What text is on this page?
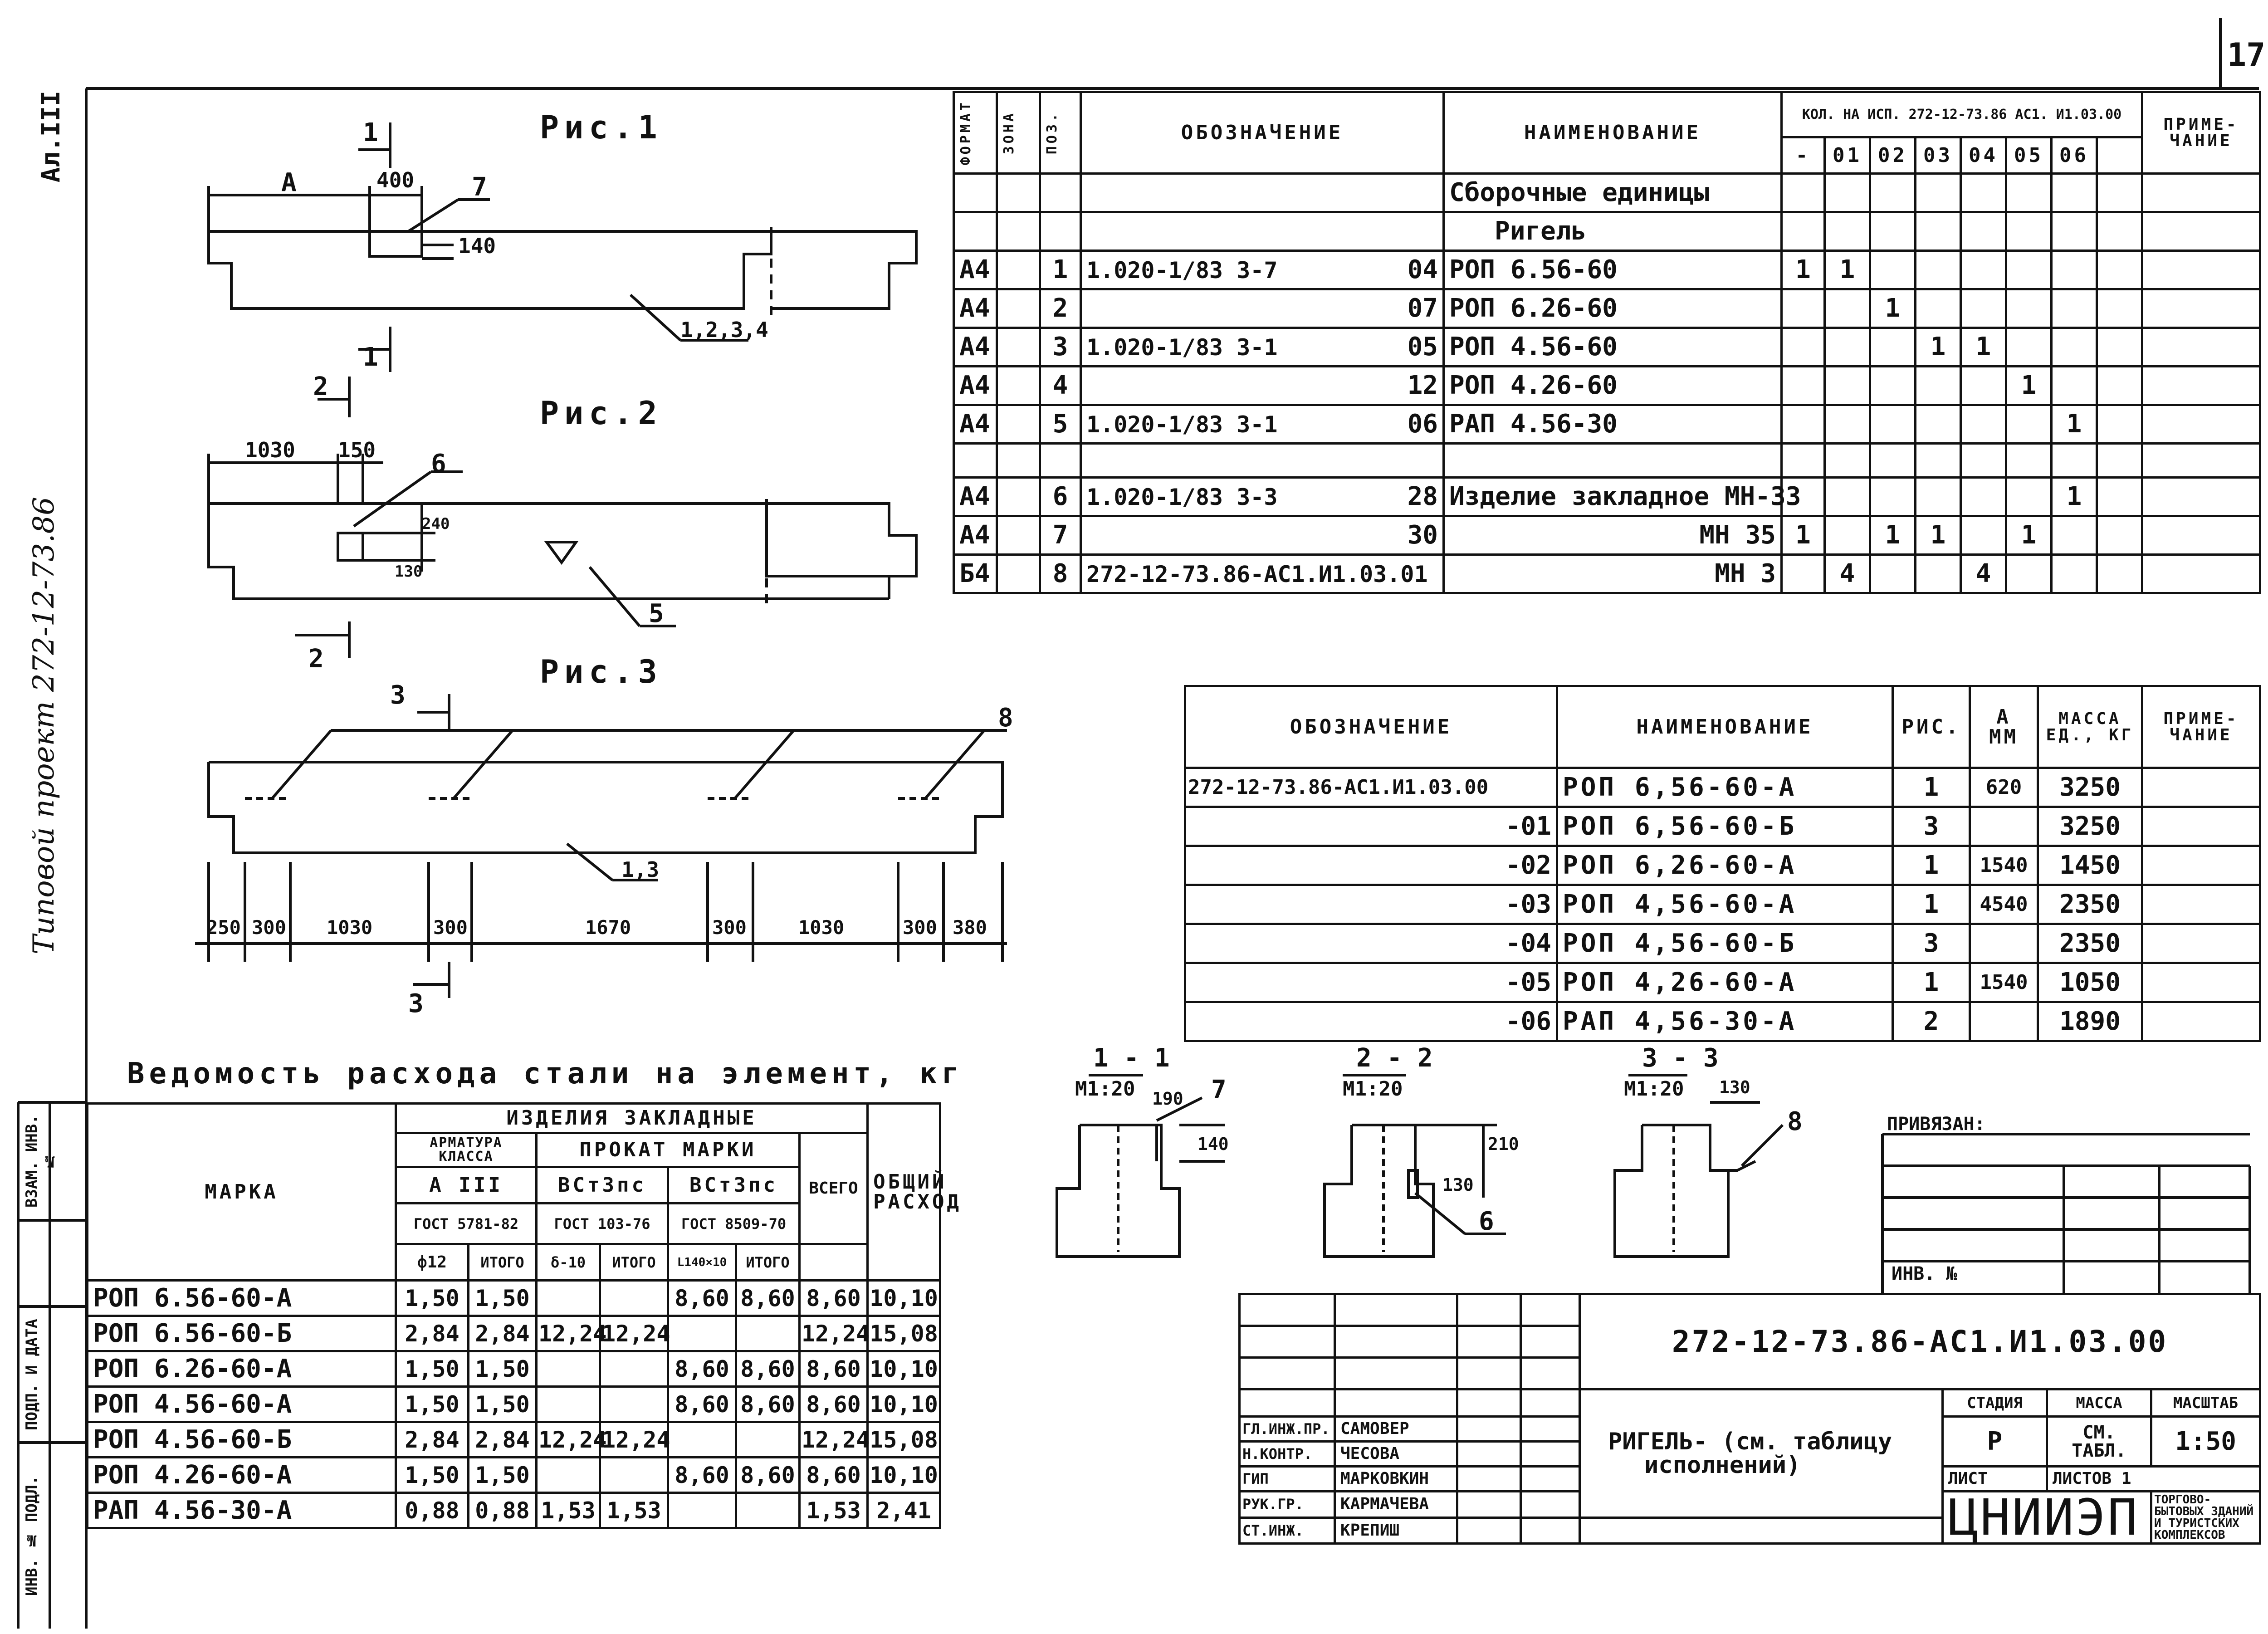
17
Ал.III
Типовой проект 272-12-73.86
Рис.1
А	400 7
140
1,2,3,4
1
1
Рис.2
1030 150 6
240
130
5
2
2	Рис.3
8
1,3
3
3
250 300 1030	300	1670	300	1030	300 380
1 - 1
М1:20 190 7
140
2 - 2
М1:20
210
130
6
3 - 3
М1:20 130
8	ПРИВЯЗАН:
ИНВ. №
ВЗАМ. ИНВ. №
ПОДП. И ДАТА
ИНВ. № ПОДЛ.
ФОРМАТ	ЗОНА	ПОЗ.	ОБОЗНАЧЕНИЕ	НАИМЕНОВАНИЕ	КОЛ. НА ИСП. 272-12-73.86 АС1. И1.03.00								ПРИМЕ-ЧАНИЕ
					-	01	02	03	04	05	06		
				Сборочные единицы									
				Ригель									
А4		1	1.020-1/83 3-7 04	РОП 6.56-60	1	1							
А4		2	07	РОП 6.26-60			1						
А4		3	1.020-1/83 3-1 05	РОП 4.56-60				1	1				
А4		4	12	РОП 4.26-60						1			
А4		5	1.020-1/83 3-1 06	РАП 4.56-30							1		

А4		6	1.020-1/83 3-3 28	Изделие закладное МН-33							1		
А4		7	30	МН 35	1		1	1		1			
Б4		8	272-12-73.86-АС1.И1.03.01	МН 3		4			4				
ОБОЗНАЧЕНИЕ	НАИМЕНОВАНИЕ	РИС.	А ММ	МАССА ЕД., КГ	ПРИМЕ-ЧАНИЕ
272-12-73.86-АС1.И1.03.00	РОП 6,56-60-А	1	620	3250	
-01	РОП 6,56-60-Б	3		3250	
-02	РОП 6,26-60-А	1	1540	1450	
-03	РОП 4,56-60-А	1	4540	2350	
-04	РОП 4,56-60-Б	3		2350	
-05	РОП 4,26-60-А	1	1540	1050	
-06	РАП 4,56-30-А	2		1890	
Ведомость расхода стали на элемент, кг
МАРКА	ИЗДЕЛИЯ ЗАКЛАДНЫЕ							ОБЩИЙ РАСХОД
	АРМАТУРА КЛАССА		ПРОКАТ МАРКИ				ВСЕГО	
	А III		ВСт3пс		ВСт3пс			
	ГОСТ 5781-82		ГОСТ 103-76		ГОСТ 8509-70			
	ф12	ИТОГО	δ-10	ИТОГО	L140×10	ИТОГО		
РОП 6.56-60-А	1,50	1,50			8,60	8,60	8,60	10,10
РОП 6.56-60-Б	2,84	2,84	12,24	12,24			12,24	15,08
РОП 6.26-60-А	1,50	1,50			8,60	8,60	8,60	10,10
РОП 4.56-60-А	1,50	1,50			8,60	8,60	8,60	10,10
РОП 4.56-60-Б	2,84	2,84	12,24	12,24			12,24	15,08
РОП 4.26-60-А	1,50	1,50			8,60	8,60	8,60	10,10
РАП 4.56-30-А	0,88	0,88	1,53	1,53			1,53	2,41
				272-12-73.86-АС1.И1.03.00			

				РИГЕЛЬ- (см. таблицу
исполнений)	СТАДИЯ	МАССА	МАСШТАБ
ГЛ.ИНЖ.ПР.	САМОВЕР				Р	СМ. ТАБЛ.	1:50
Н.КОНТР.	ЧЕСОВА						
ГИП	МАРКОВКИН				ЛИСТ	ЛИСТОВ 1	
РУК.ГР.	КАРМАЧЕВА				ЦНИИЭП		ТОРГОВО-БЫТОВЫХ ЗДАНИЙ И ТУРИСТСКИХ КОМПЛЕКСОВ
СТ.ИНЖ.	КРЕПИШ						
